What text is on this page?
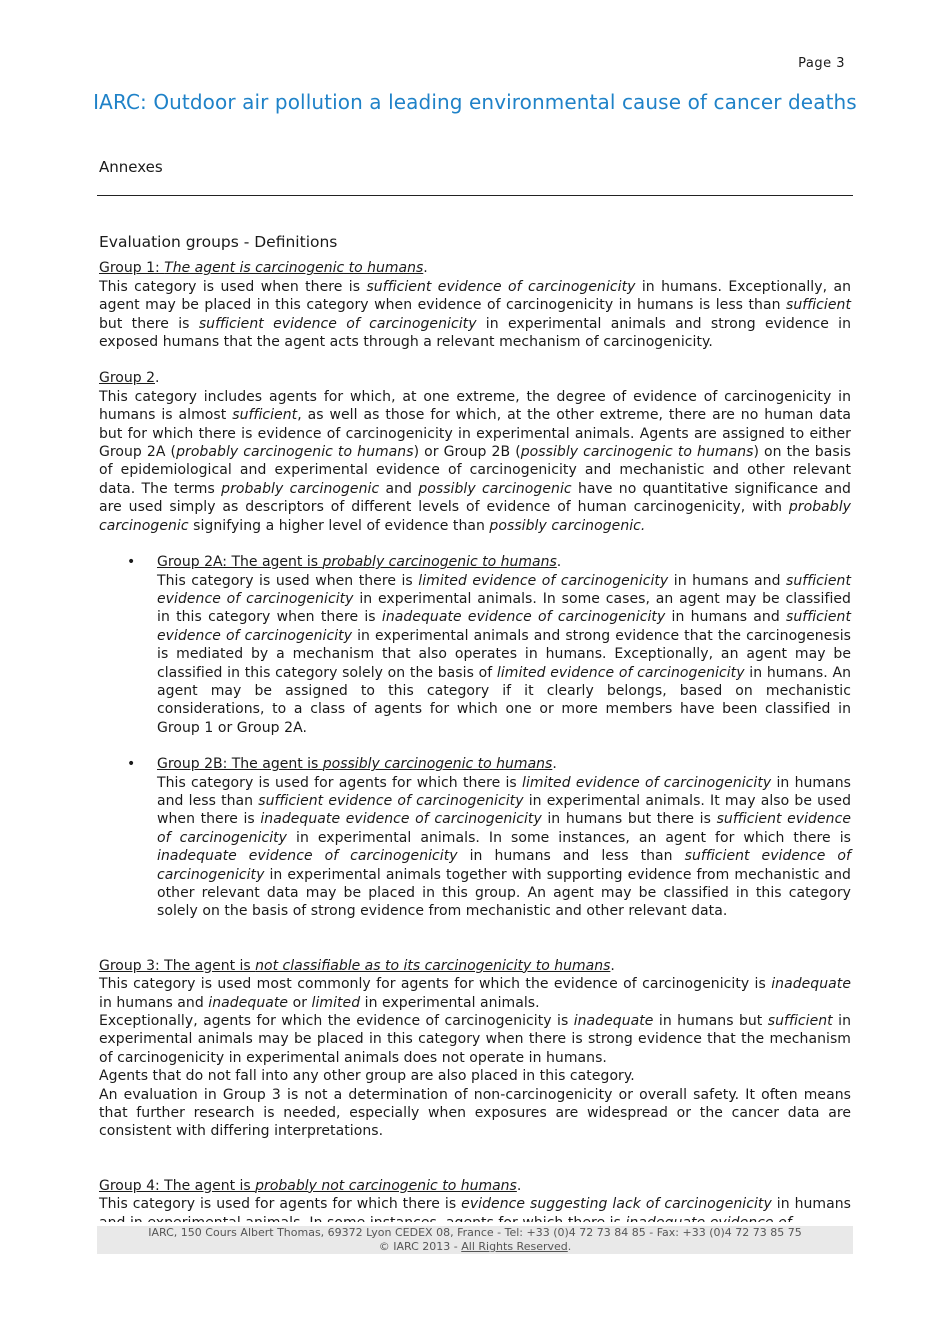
Page 3
IARC: Outdoor air pollution a leading environmental cause of cancer deaths
Annexes
Evaluation groups - Definitions
Group 1: The agent is carcinogenic to humans.

This category is used when there is sufficient evidence of carcinogenicity in humans. Exceptionally, an agent may be placed in this category when evidence of carcinogenicity in humans is less than sufficient but there is sufficient evidence of carcinogenicity in experimental animals and strong evidence in exposed humans that the agent acts through a relevant mechanism of carcinogenicity.

Group 2.

This category includes agents for which, at one extreme, the degree of evidence of carcinogenicity in humans is almost sufficient, as well as those for which, at the other extreme, there are no human data but for which there is evidence of carcinogenicity in experimental animals. Agents are assigned to either Group 2A (probably carcinogenic to humans) or Group 2B (possibly carcinogenic to humans) on the basis of epidemiological and experimental evidence of carcinogenicity and mechanistic and other relevant data. The terms probably carcinogenic and possibly carcinogenic have no quantitative significance and are used simply as descriptors of different levels of evidence of human carcinogenicity, with probably carcinogenic signifying a higher level of evidence than possibly carcinogenic.

• Group 2A: The agent is probably carcinogenic to humans.

This category is used when there is limited evidence of carcinogenicity in humans and sufficient evidence of carcinogenicity in experimental animals. In some cases, an agent may be classified in this category when there is inadequate evidence of carcinogenicity in humans and sufficient evidence of carcinogenicity in experimental animals and strong evidence that the carcinogenesis is mediated by a mechanism that also operates in humans. Exceptionally, an agent may be classified in this category solely on the basis of limited evidence of carcinogenicity in humans. An agent may be assigned to this category if it clearly belongs, based on mechanistic considerations, to a class of agents for which one or more members have been classified in Group 1 or Group 2A.

• Group 2B: The agent is possibly carcinogenic to humans.

This category is used for agents for which there is limited evidence of carcinogenicity in humans and less than sufficient evidence of carcinogenicity in experimental animals. It may also be used when there is inadequate evidence of carcinogenicity in humans but there is sufficient evidence of carcinogenicity in experimental animals. In some instances, an agent for which there is inadequate evidence of carcinogenicity in humans and less than sufficient evidence of carcinogenicity in experimental animals together with supporting evidence from mechanistic and other relevant data may be placed in this group. An agent may be classified in this category solely on the basis of strong evidence from mechanistic and other relevant data.

Group 3: The agent is not classifiable as to its carcinogenicity to humans.

This category is used most commonly for agents for which the evidence of carcinogenicity is inadequate in humans and inadequate or limited in experimental animals.

Exceptionally, agents for which the evidence of carcinogenicity is inadequate in humans but sufficient in experimental animals may be placed in this category when there is strong evidence that the mechanism of carcinogenicity in experimental animals does not operate in humans.

Agents that do not fall into any other group are also placed in this category.

An evaluation in Group 3 is not a determination of non‑carcinogenicity or overall safety. It often means that further research is needed, especially when exposures are widespread or the cancer data are consistent with differing interpretations.

Group 4: The agent is probably not carcinogenic to humans.

This category is used for agents for which there is evidence suggesting lack of carcinogenicity in humans

IARC, 150 Cours Albert Thomas, 69372 Lyon CEDEX 08, France - Tel: +33 (0)4 72 73 84 85 - Fax: +33 (0)4 72 73 85 75
© IARC 2013 - All Rights Reserved.
